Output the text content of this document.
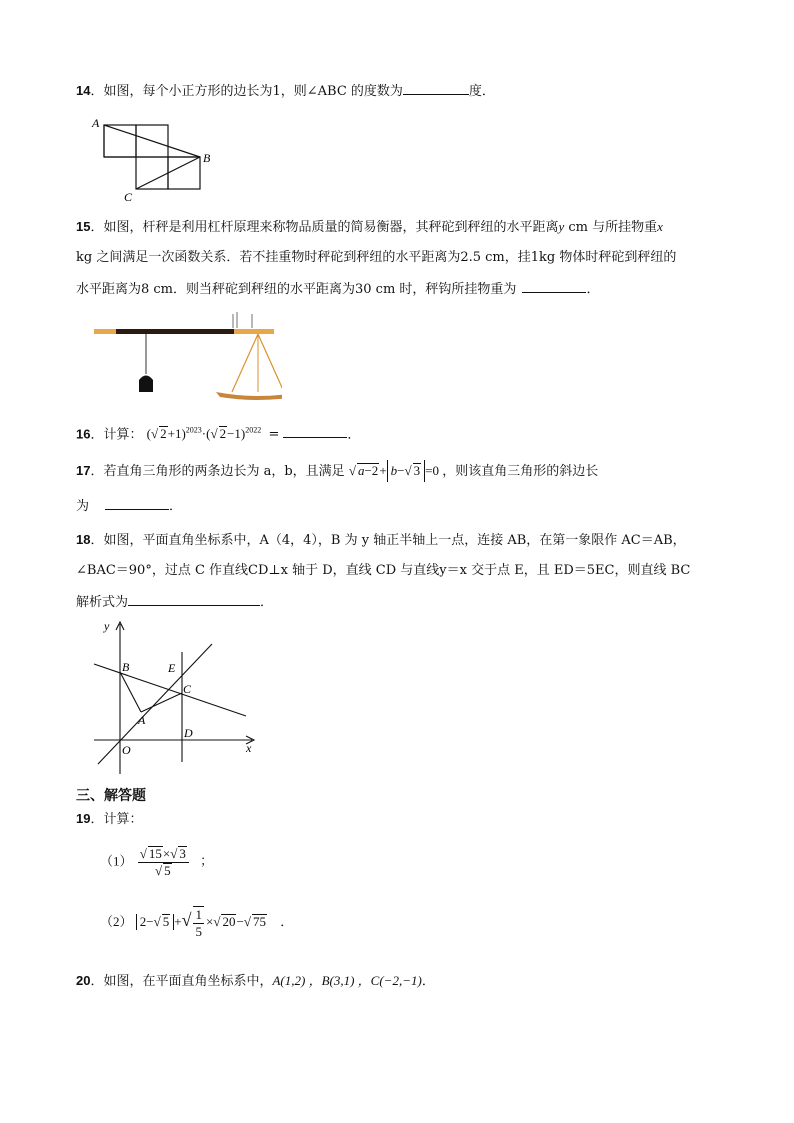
14．如图，每个小正方形的边长为1，则∠ABC 的度数为	度．
A
B
C
15．如图，杆秤是利用杠杆原理来称物品质量的简易衡器，其秤砣到秤纽的水平距离y cm 与所挂物重x
kg 之间满足一次函数关系．若不挂重物时秤砣到秤纽的水平距离为2.5 cm，挂1kg 物体时秤砣到秤纽的
水平距离为8 cm．则当秤砣到秤纽的水平距离为30 cm 时，秤钩所挂物重为	．
16．计算： ( √ 2+1)$^{2023}$·( √ 2−1)$^{2022}$ =	．
17．若直角三角形的两条边长为 a，b，且满足 √ a−2+ b− √ 3 =0 ，则该直角三角形的斜边长
为	．
18．如图，平面直角坐标系中，A（4，4），B 为 y 轴正半轴上一点，连接 AB，在第一象限作 AC＝AB，
∠BAC＝90°，过点 C 作直线CD⊥x 轴于 D，直线 CD 与直线y＝x 交于点 E，且 ED＝5EC，则直线 BC
解析式为	．
y
x
O
A
B
C
D
E
三、解答题
19．计算：
（1） √ 15× √ 3
√ 5 ；
（2） 2− √ 5 + √ $\frac{1}{5}$ × √ 20− √ 75 ．
20．如图，在平面直角坐标系中，A(1,2) ，B(3,1) ，C(−2,−1)．
